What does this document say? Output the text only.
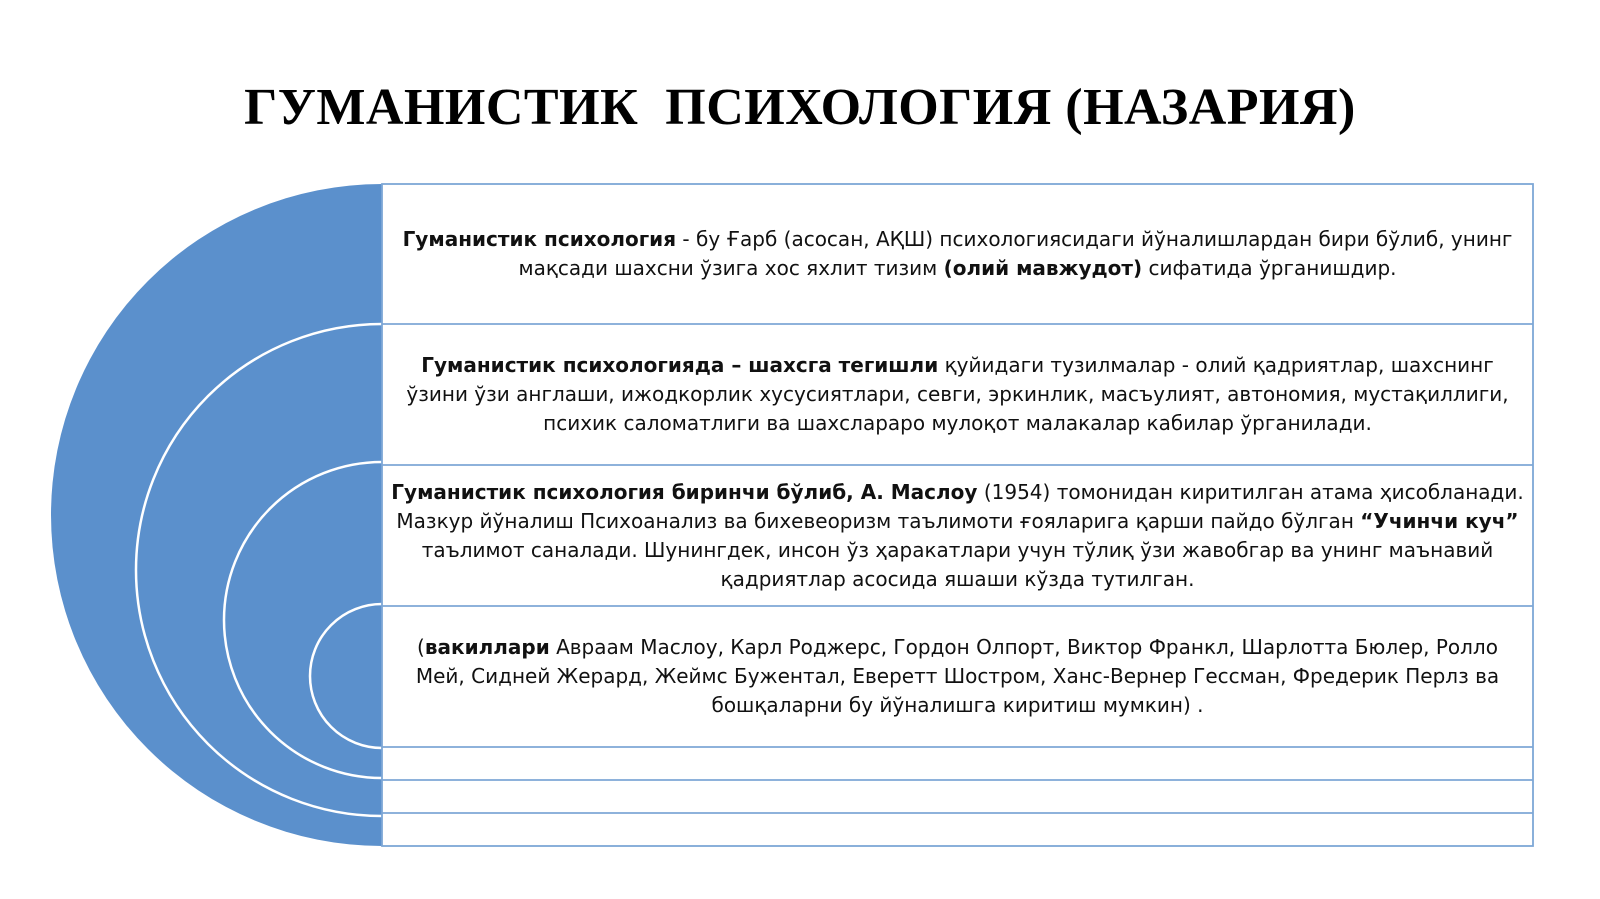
ГУМАНИСТИК  ПСИХОЛОГИЯ (НАЗАРИЯ)
Гуманистик психология - бу Ғарб (асосан, АҚШ) психологиясидаги йўналишлардан бири бўлиб, унинг мақсади шахсни ўзига хос яхлит тизим (олий мавжудот) сифатида ўрганишдир.
Гуманистик психологияда – шахсга тегишли қуйидаги тузилмалар - олий қадриятлар, шахснинг ўзини ўзи англаши, ижодкорлик хусусиятлари, севги, эркинлик, масъулият, автономия, мустақиллиги, психик саломатлиги ва шахслараро мулоқот малакалар кабилар ўрганилади.
Гуманистик психология биринчи бўлиб, А. Маслоу (1954) томонидан киритилган атама ҳисобланади. Мазкур йўналиш Психоанализ ва бихевеоризм таълимоти ғояларига қарши пайдо бўлган “Учинчи куч” таълимот саналади. Шунингдек, инсон ўз ҳаракатлари учун тўлиқ ўзи жавобгар ва унинг маънавий қадриятлар асосида яшаши кўзда тутилган.
(вакиллари Авраам Маслоу, Карл Роджерс, Гордон Олпорт, Виктор Франкл, Шарлотта Бюлер, Ролло Мей, Сидней Жерард, Жеймс Бужентал, Еверетт Шостром, Ханс-Вернер Гессман, Фредерик Перлз ва бошқаларни бу йўналишга киритиш мумкин) .
